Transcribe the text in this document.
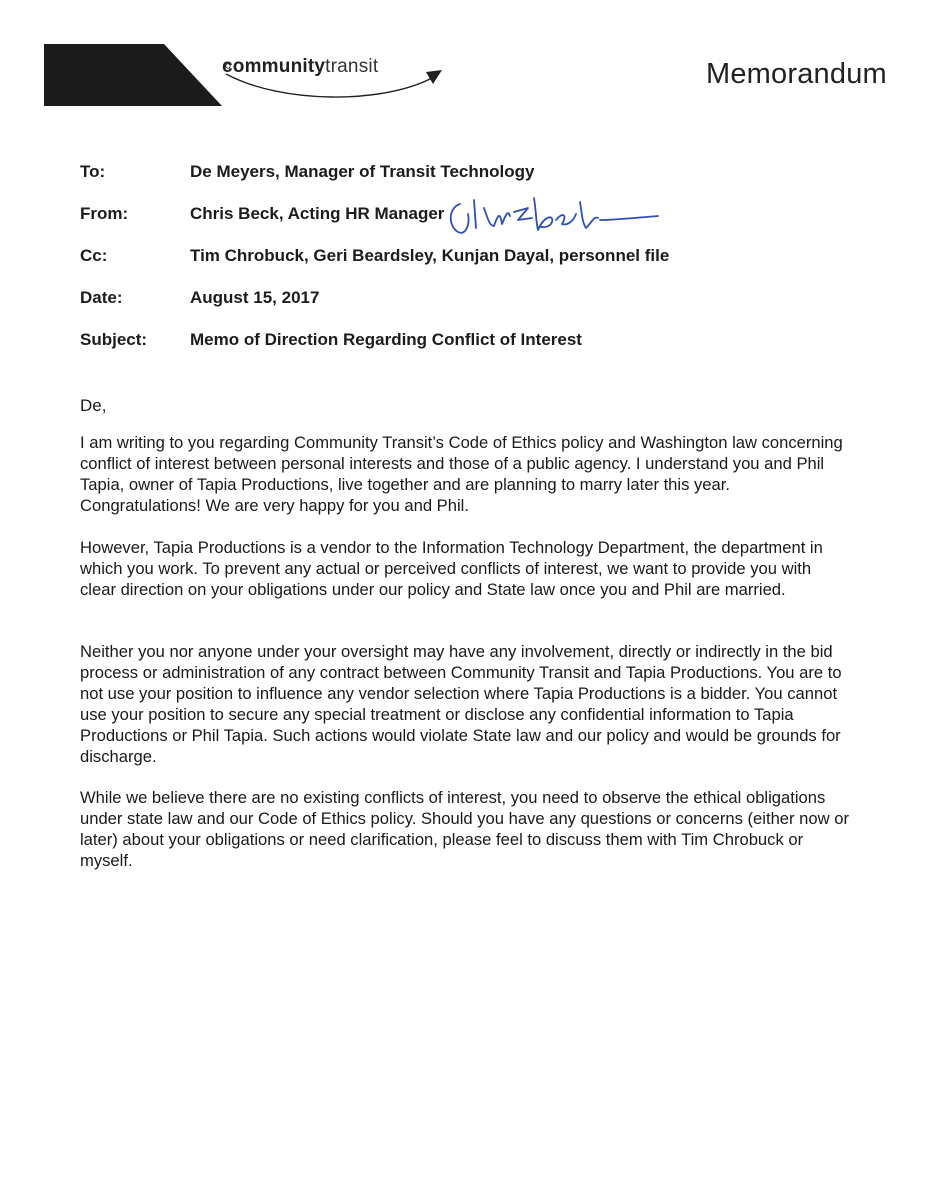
communitytransit	Memorandum
To:	De Meyers, Manager of Transit Technology
From:	Chris Beck, Acting HR Manager
Cc:	Tim Chrobuck, Geri Beardsley, Kunjan Dayal, personnel file
Date:	August 15, 2017
Subject:	Memo of Direction Regarding Conflict of Interest
De,

I am writing to you regarding Community Transit’s Code of Ethics policy and Washington law concerning conflict of interest between personal interests and those of a public agency. I understand you and Phil Tapia, owner of Tapia Productions, live together and are planning to marry later this year. Congratulations! We are very happy for you and Phil.

However, Tapia Productions is a vendor to the Information Technology Department, the department in which you work. To prevent any actual or perceived conflicts of interest, we want to provide you with clear direction on your obligations under our policy and State law once you and Phil are married.

Neither you nor anyone under your oversight may have any involvement, directly or indirectly in the bid process or administration of any contract between Community Transit and Tapia Productions. You are to not use your position to influence any vendor selection where Tapia Productions is a bidder. You cannot use your position to secure any special treatment or disclose any confidential information to Tapia Productions or Phil Tapia. Such actions would violate State law and our policy and would be grounds for discharge.

While we believe there are no existing conflicts of interest, you need to observe the ethical obligations under state law and our Code of Ethics policy. Should you have any questions or concerns (either now or later) about your obligations or need clarification, please feel to discuss them with Tim Chrobuck or myself.
